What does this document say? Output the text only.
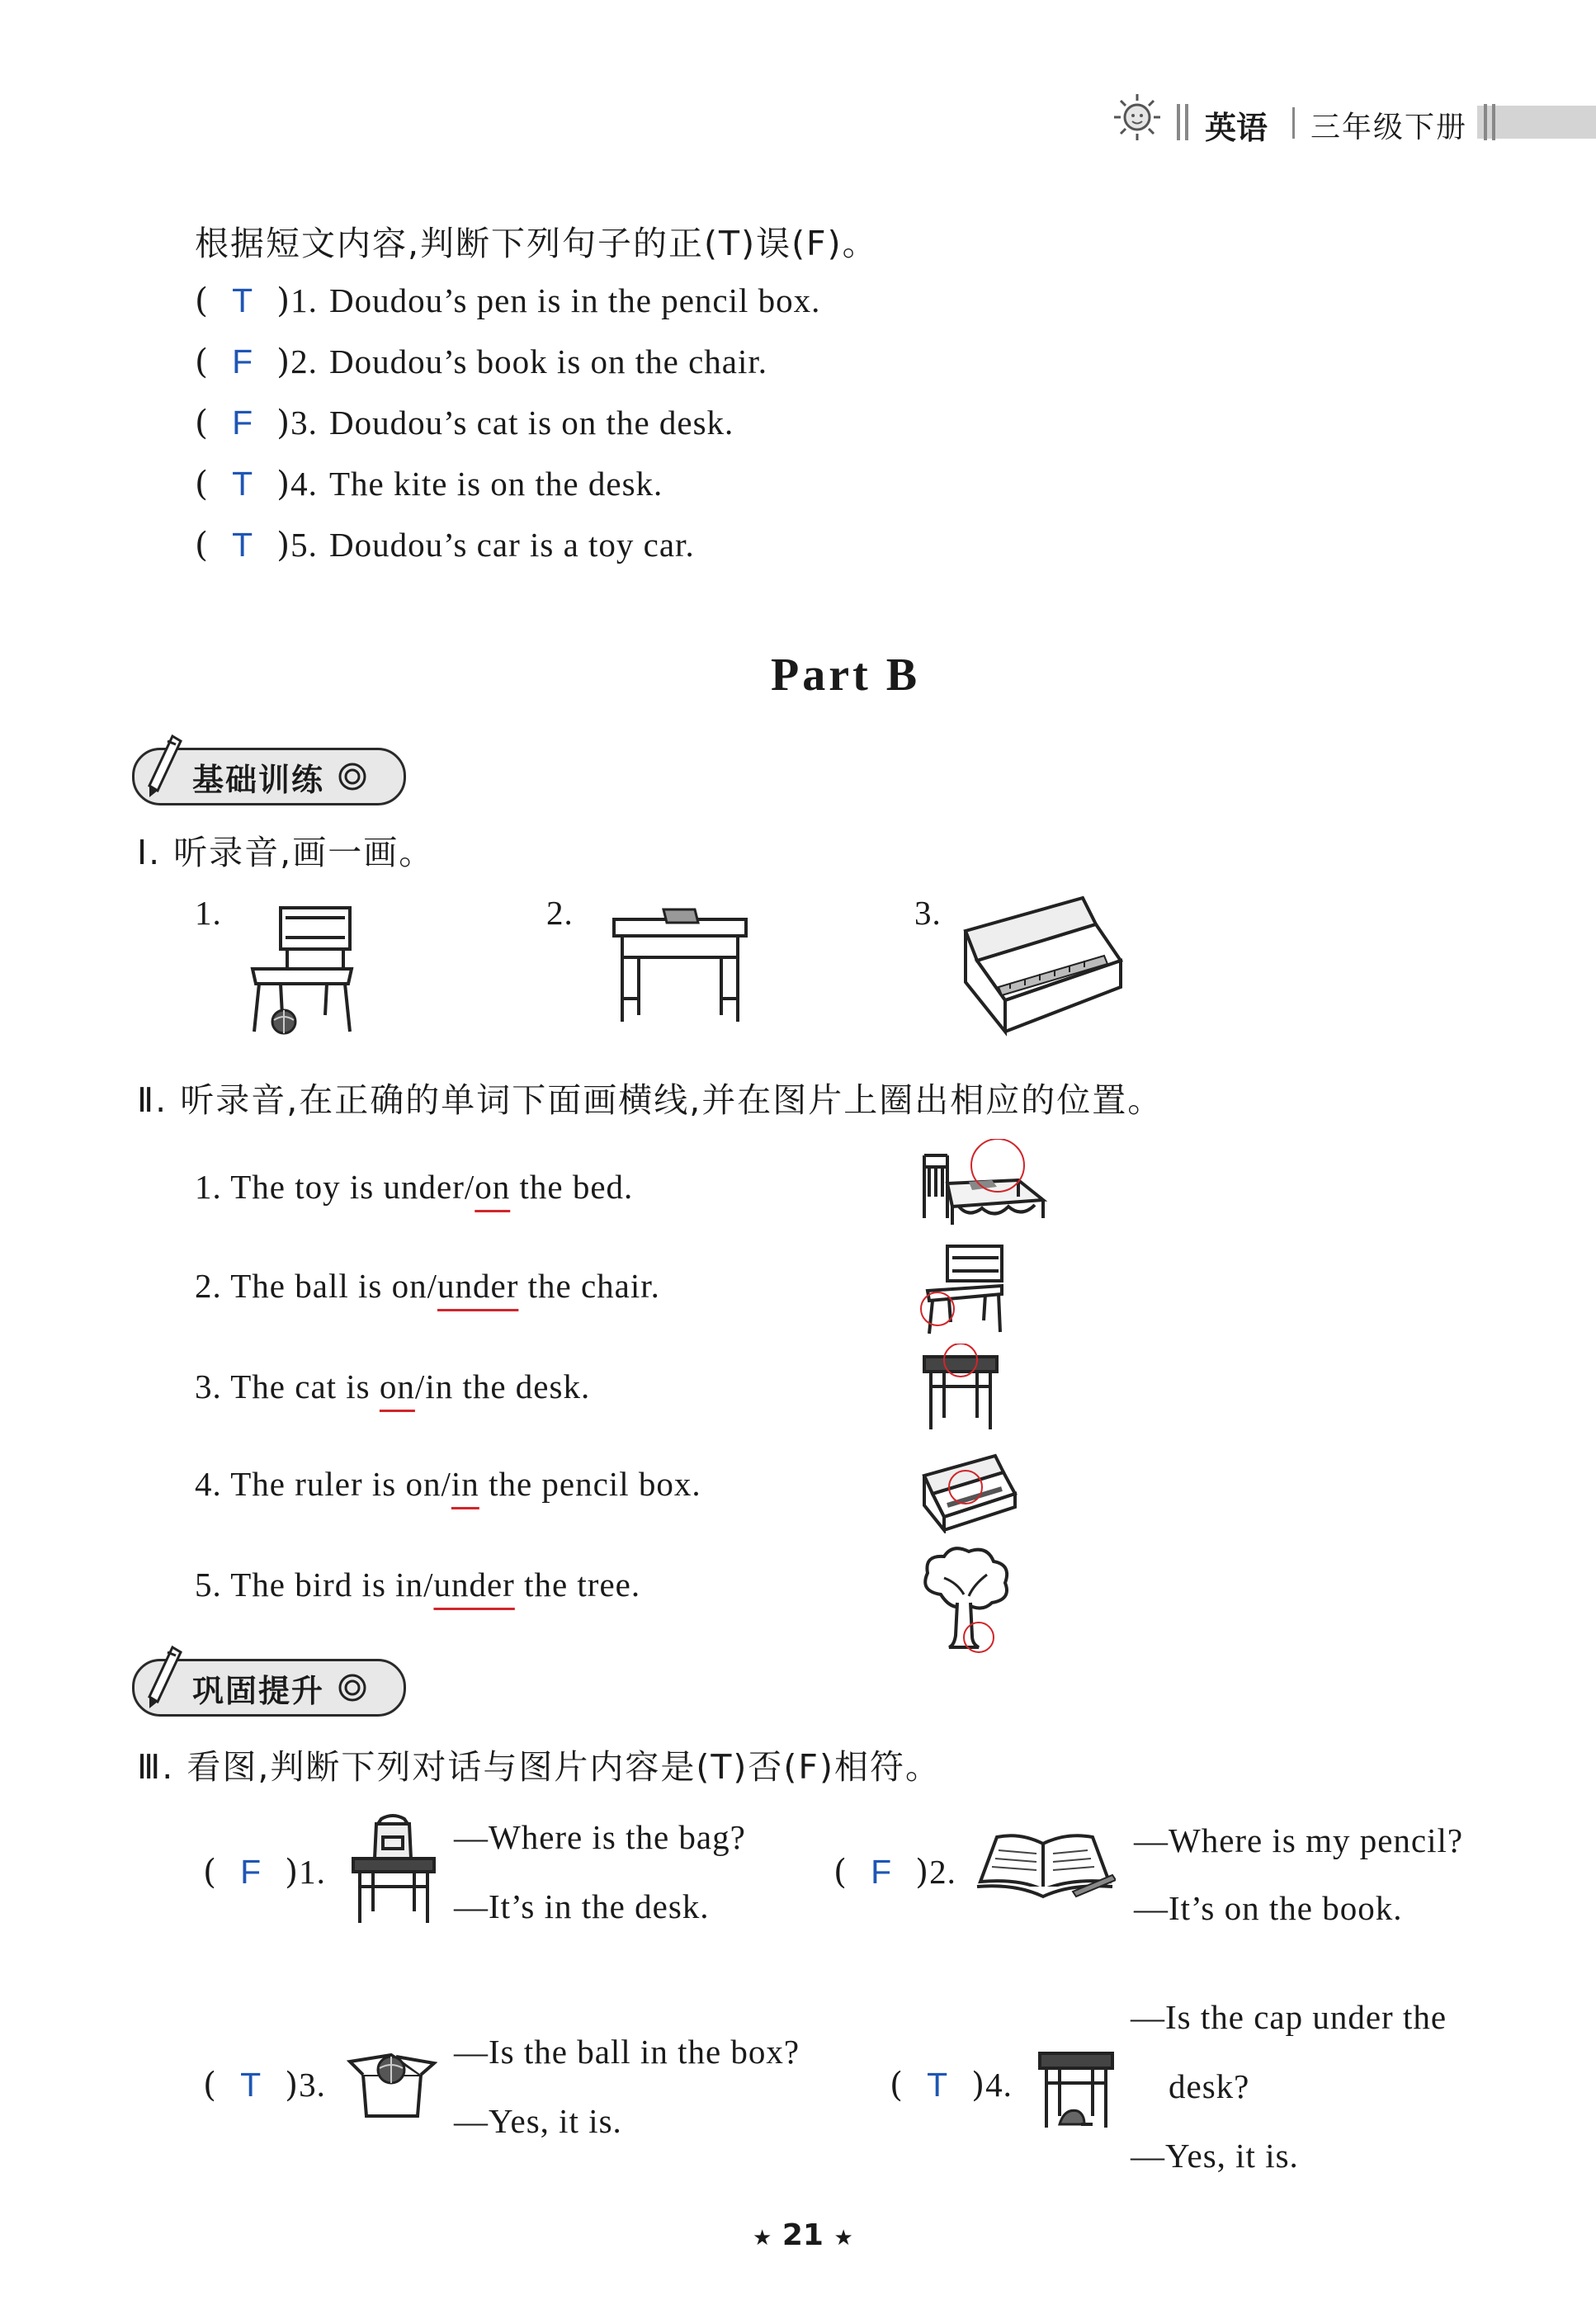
英语 三年级下册
根据短文内容,判断下列句子的正(T)误(F)。
(  T  )1. Doudou’s pen is in the pencil box.
(  F  )2. Doudou’s book is on the chair.
(  F  )3. Doudou’s cat is on the desk.
(  T  )4. The kite is on the desk.
(  T  )5. Doudou’s car is a toy car.
Part B
基础训练
Ⅰ. 听录音,画一画。
1.	2.	3.
Ⅱ. 听录音,在正确的单词下面画横线,并在图片上圈出相应的位置。
1. The toy is under/on the bed.
2. The ball is on/under the chair.
3. The cat is on/in the desk.
4. The ruler is on/in the pencil box.
5. The bird is in/under the tree.
巩固提升
Ⅲ. 看图,判断下列对话与图片内容是(T)否(F)相符。
(  F  )1.
—Where is the bag?
—It’s in the desk.
(  F  )2.
—Where is my pencil?
—It’s on the book.
(  T  )3.
—Is the ball in the box?
—Yes, it is.
(  T  )4.
—Is the cap under the
desk?
—Yes, it is.
★ 21 ★
